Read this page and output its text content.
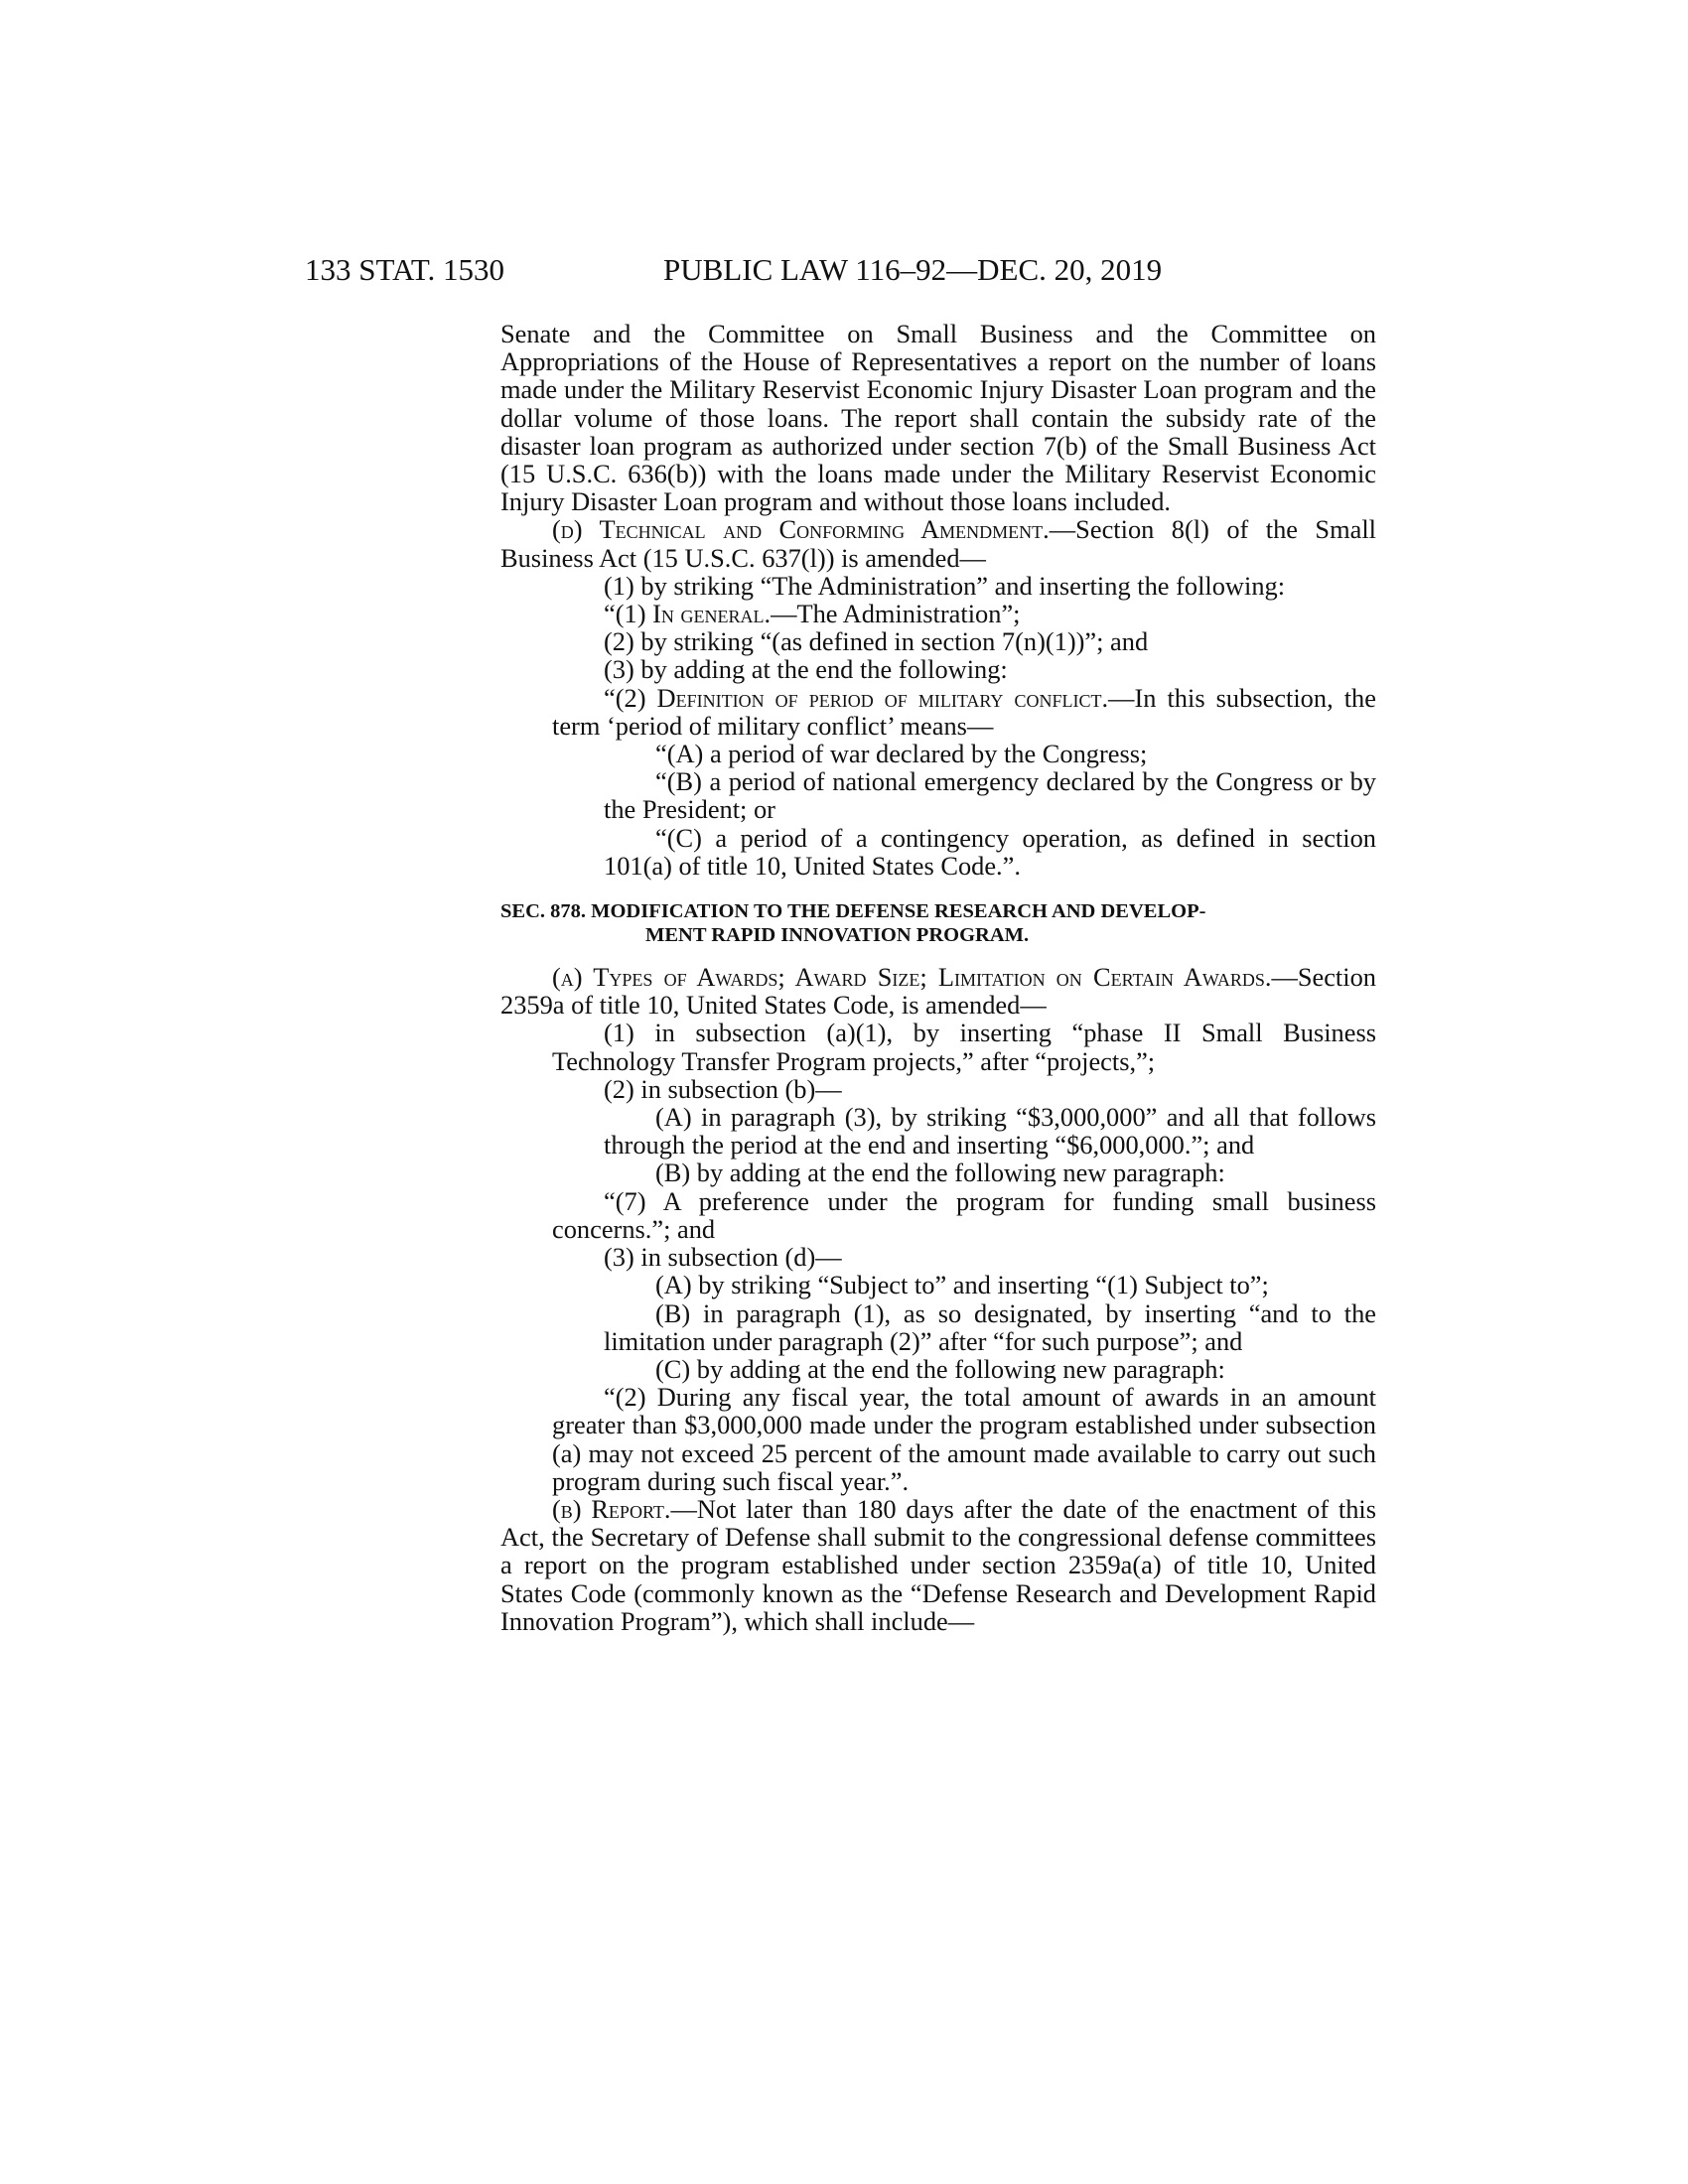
133 STAT. 1530	PUBLIC LAW 116–92—DEC. 20, 2019

Senate and the Committee on Small Business and the Committee on Appropriations of the House of Representatives a report on the number of loans made under the Military Reservist Economic Injury Disaster Loan program and the dollar volume of those loans. The report shall contain the subsidy rate of the disaster loan program as authorized under section 7(b) of the Small Business Act (15 U.S.C. 636(b)) with the loans made under the Military Reservist Economic Injury Disaster Loan program and without those loans included.

(d) Technical and Conforming Amendment.—Section 8(l) of the Small Business Act (15 U.S.C. 637(l)) is amended—

(1) by striking “The Administration” and inserting the following:

“(1) In general.—The Administration”;

(2) by striking “(as defined in section 7(n)(1))”; and

(3) by adding at the end the following:

“(2) Definition of period of military conflict.—In this subsection, the term ‘period of military conflict’ means—

“(A) a period of war declared by the Congress;

“(B) a period of national emergency declared by the Congress or by the President; or

“(C) a period of a contingency operation, as defined in section 101(a) of title 10, United States Code.”.

SEC. 878. MODIFICATION TO THE DEFENSE RESEARCH AND DEVELOP-
MENT RAPID INNOVATION PROGRAM.

(a) Types of Awards; Award Size; Limitation on Certain Awards.—Section 2359a of title 10, United States Code, is amended—

(1) in subsection (a)(1), by inserting “phase II Small Business Technology Transfer Program projects,” after “projects,”;

(2) in subsection (b)—

(A) in paragraph (3), by striking “$3,000,000” and all that follows through the period at the end and inserting “$6,000,000.”; and

(B) by adding at the end the following new paragraph:

“(7) A preference under the program for funding small business concerns.”; and

(3) in subsection (d)—

(A) by striking “Subject to” and inserting “(1) Subject to”;

(B) in paragraph (1), as so designated, by inserting “and to the limitation under paragraph (2)” after “for such purpose”; and

(C) by adding at the end the following new paragraph:

“(2) During any fiscal year, the total amount of awards in an amount greater than $3,000,000 made under the program established under subsection (a) may not exceed 25 percent of the amount made available to carry out such program during such fiscal year.”.

(b) Report.—Not later than 180 days after the date of the enactment of this Act, the Secretary of Defense shall submit to the congressional defense committees a report on the program established under section 2359a(a) of title 10, United States Code (commonly known as the “Defense Research and Development Rapid Innovation Program”), which shall include—
